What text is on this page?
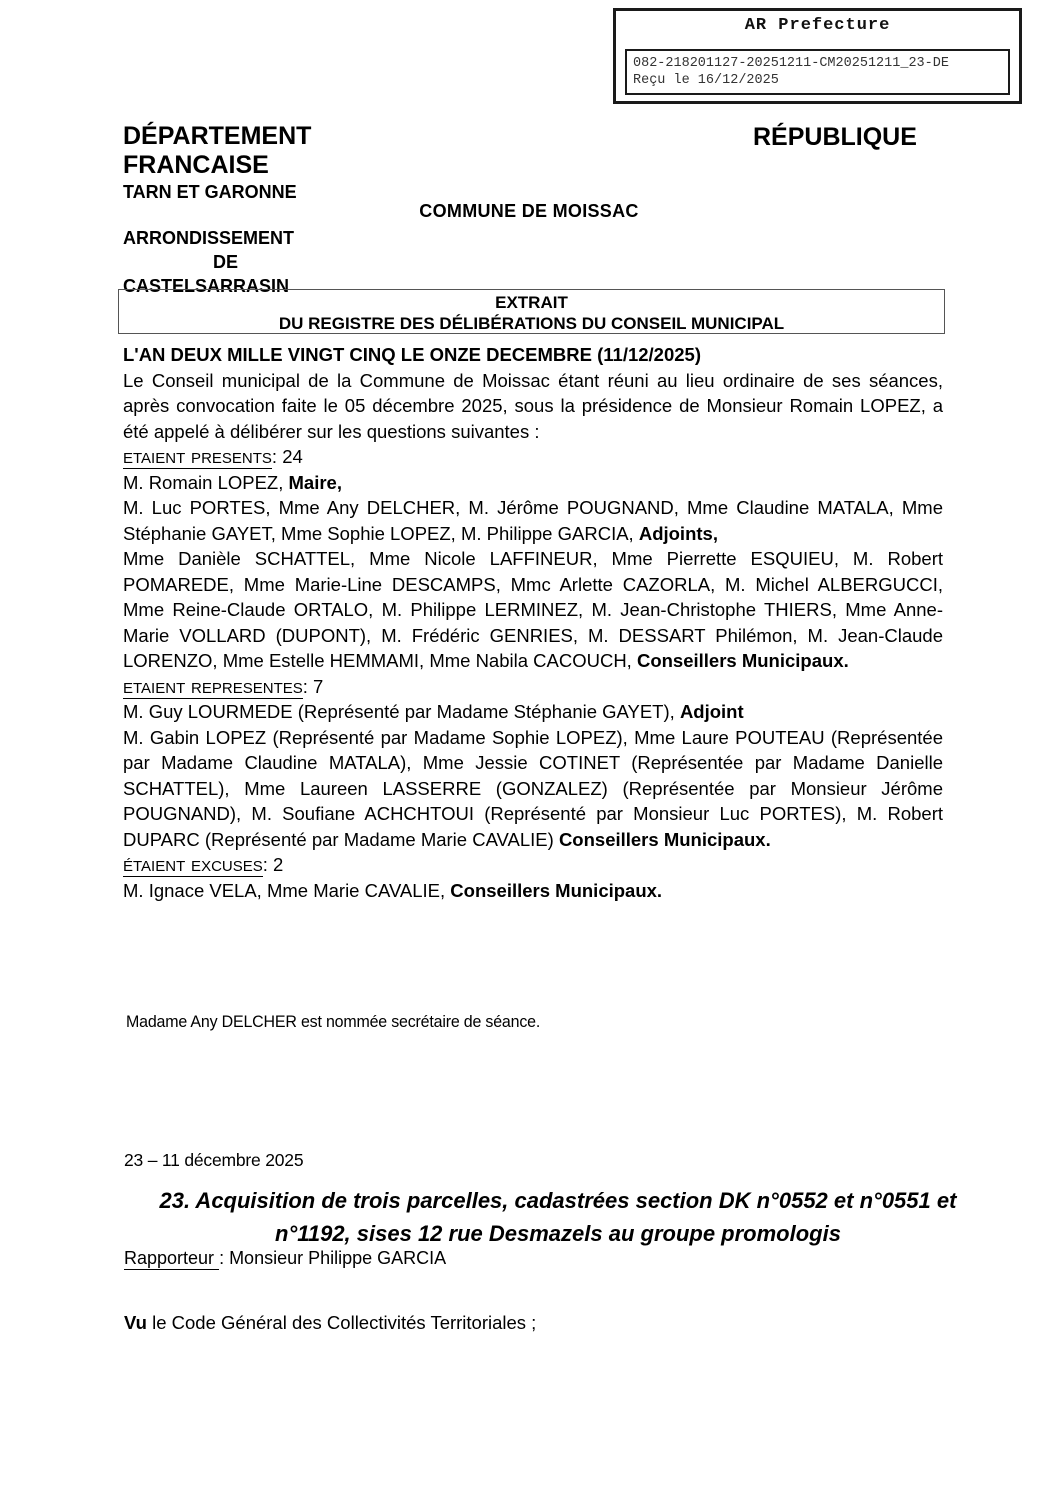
AR Prefecture
082-218201127-20251211-CM20251211_23-DE
Reçu le 16/12/2025
DÉPARTEMENT
FRANCAISE
TARN ET GARONNE
ARRONDISSEMENT
DE
CASTELSARRASIN
RÉPUBLIQUE
COMMUNE DE MOISSAC
EXTRAIT
DU REGISTRE DES DÉLIBÉRATIONS DU CONSEIL MUNICIPAL

L'AN DEUX MILLE VINGT CINQ LE ONZE DECEMBRE (11/12/2025)

Le Conseil municipal de la Commune de Moissac étant réuni au lieu ordinaire de ses séances, après convocation faite le 05 décembre 2025, sous la présidence de Monsieur Romain LOPEZ, a été appelé à délibérer sur les questions suivantes :

etaient presents: 24

M. Romain LOPEZ, Maire,

M. Luc PORTES, Mme Any DELCHER, M. Jérôme POUGNAND, Mme Claudine MATALA, Mme Stéphanie GAYET, Mme Sophie LOPEZ, M. Philippe GARCIA, Adjoints,

Mme Danièle SCHATTEL, Mme Nicole LAFFINEUR, Mme Pierrette ESQUIEU, M. Robert POMAREDE, Mme Marie-Line DESCAMPS, Mmc Arlette CAZORLA, M. Michel ALBERGUCCI, Mme Reine-Claude ORTALO, M. Philippe LERMINEZ, M. Jean-Christophe THIERS, Mme Anne-Marie VOLLARD (DUPONT), M. Frédéric GENRIES, M. DESSART Philémon, M. Jean-Claude LORENZO, Mme Estelle HEMMAMI, Mme Nabila CACOUCH, Conseillers Municipaux.

etaient representes: 7

M. Guy LOURMEDE (Représenté par Madame Stéphanie GAYET), Adjoint

M. Gabin LOPEZ (Représenté par Madame Sophie LOPEZ), Mme Laure POUTEAU (Représentée par Madame Claudine MATALA), Mme Jessie COTINET (Représentée par Madame Danielle SCHATTEL), Mme Laureen LASSERRE (GONZALEZ) (Représentée par Monsieur Jérôme POUGNAND), M. Soufiane ACHCHTOUI (Représenté par Monsieur Luc PORTES), M. Robert DUPARC (Représenté par Madame Marie CAVALIE) Conseillers Municipaux.

étaient excuses: 2

M. Ignace VELA, Mme Marie CAVALIE, Conseillers Municipaux.

Madame Any DELCHER est nommée secrétaire de séance.
23 – 11 décembre 2025
23. Acquisition de trois parcelles, cadastrées section DK n°0552 et n°0551 et n°1192, sises 12 rue Desmazels au groupe promologis
Rapporteur : Monsieur Philippe GARCIA
Vu le Code Général des Collectivités Territoriales ;
